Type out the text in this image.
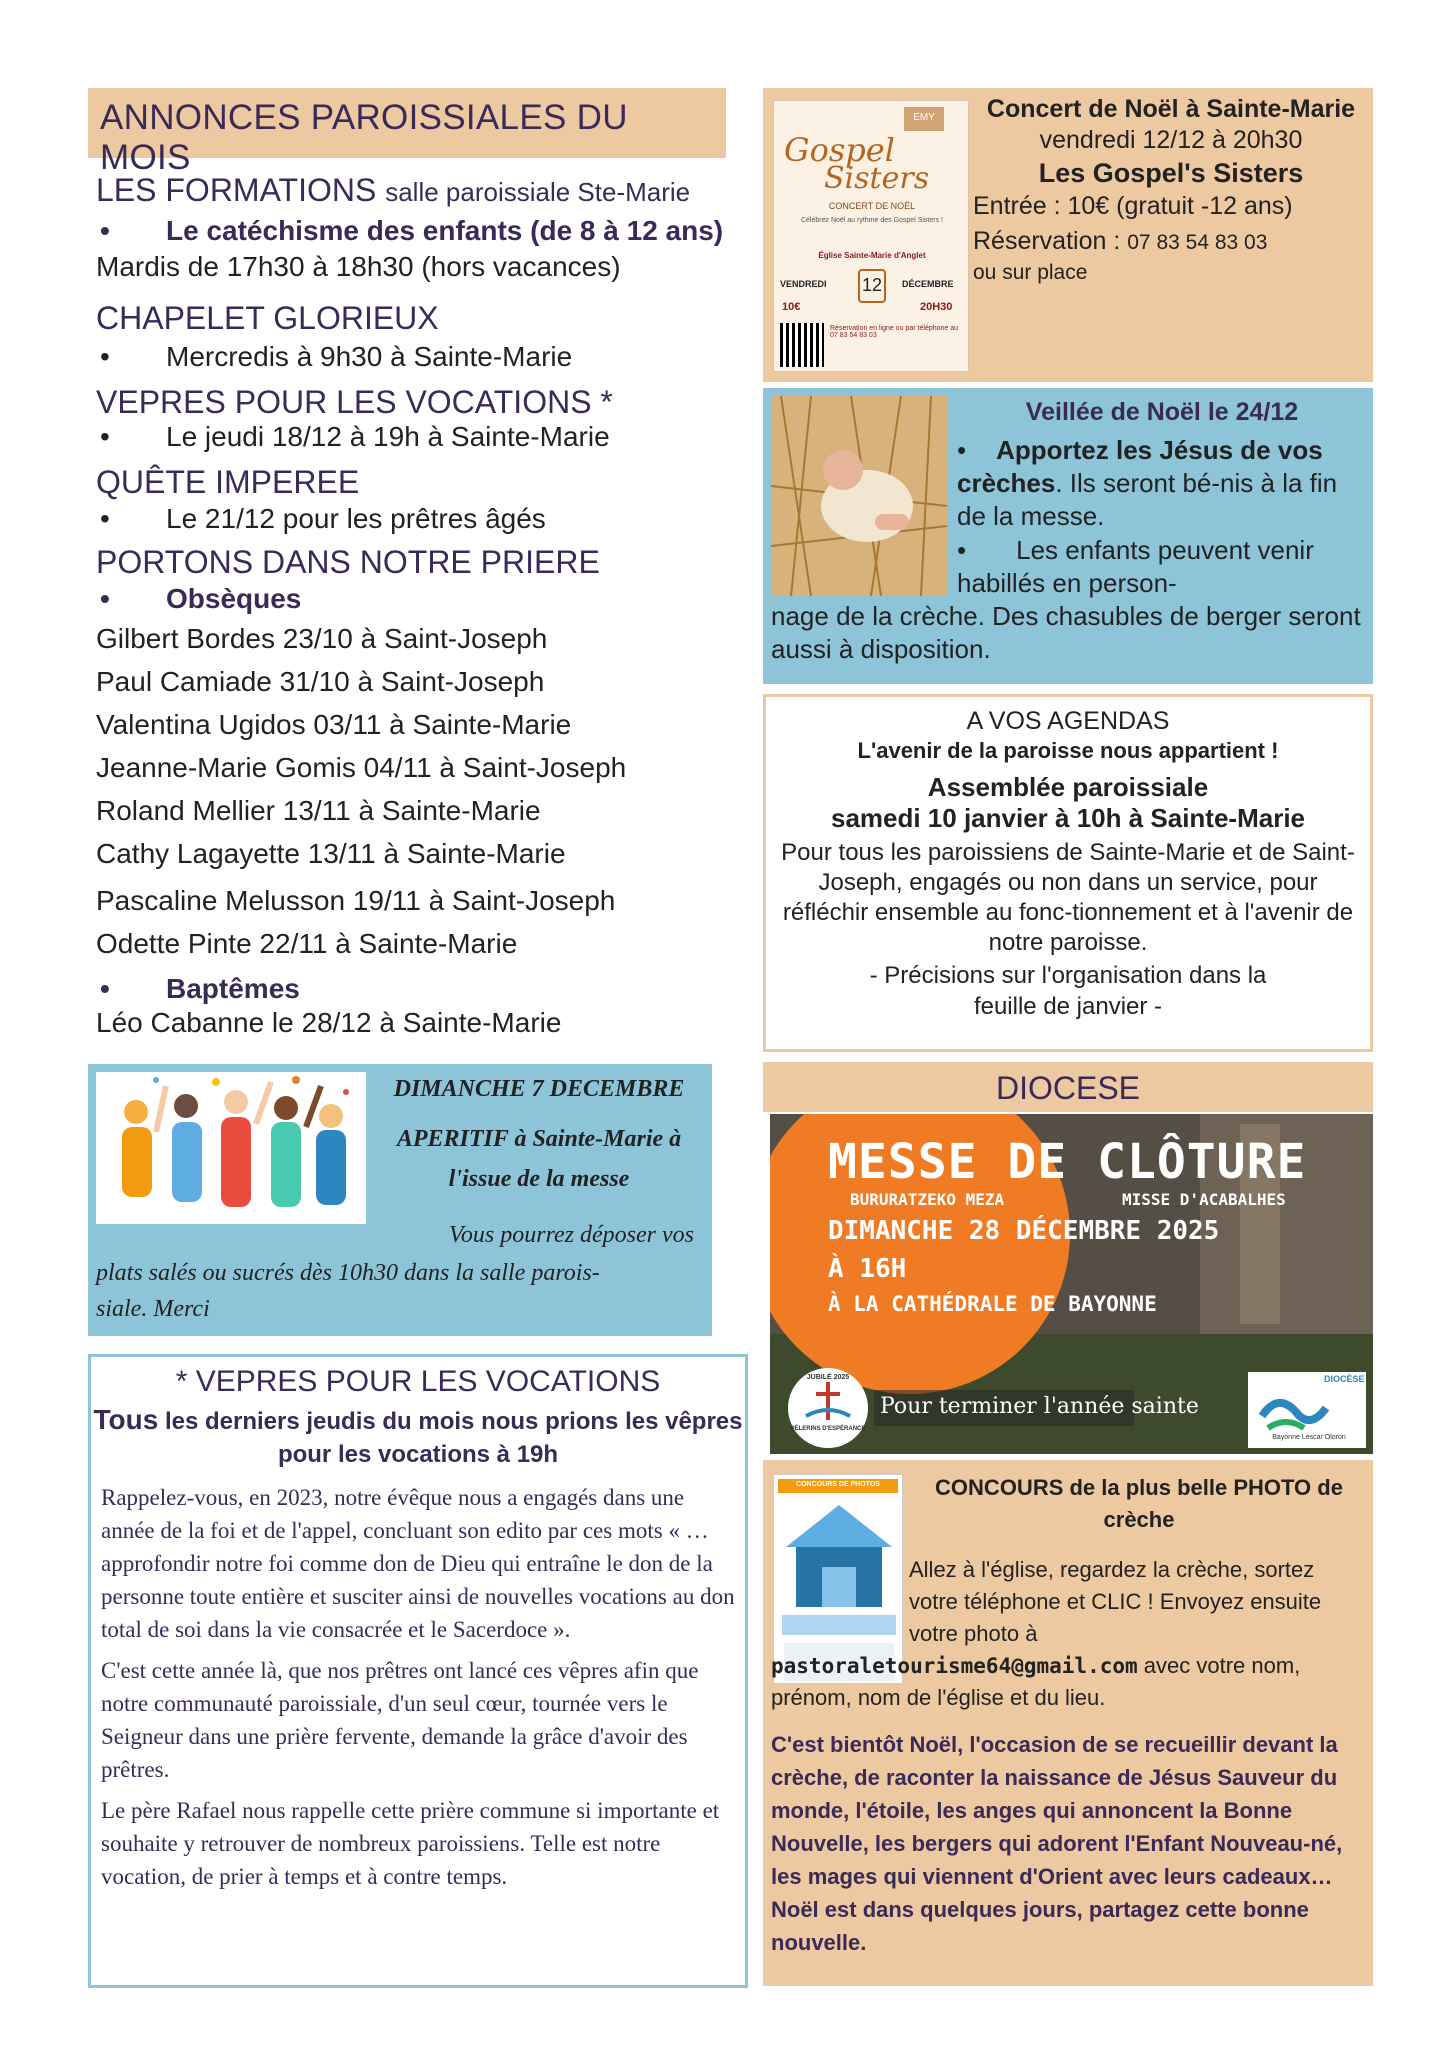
ANNONCES PAROISSIALES DU MOIS
LES FORMATIONS salle paroissiale Ste-Marie
• Le catéchisme des enfants (de 8 à 12 ans)
Mardis de 17h30 à 18h30 (hors vacances)
CHAPELET GLORIEUX
• Mercredis à 9h30 à Sainte-Marie
VEPRES POUR LES VOCATIONS *
• Le jeudi 18/12 à 19h à Sainte-Marie
QUÊTE IMPEREE
• Le 21/12 pour les prêtres âgés
PORTONS DANS NOTRE PRIERE
• Obsèques
Gilbert Bordes 23/10 à Saint-Joseph
Paul Camiade 31/10 à Saint-Joseph
Valentina Ugidos 03/11 à Sainte-Marie
Jeanne-Marie Gomis 04/11 à Saint-Joseph
Roland Mellier 13/11 à Sainte-Marie
Cathy Lagayette 13/11 à Sainte-Marie
Pascaline Melusson 19/11 à Saint-Joseph
Odette Pinte 22/11 à Sainte-Marie
• Baptêmes
Léo Cabanne le 28/12 à Sainte-Marie
DIMANCHE 7 DECEMBRE
APERITIF à Sainte-Marie à
l'issue de la messe
Vous pourrez déposer vos
plats salés ou sucrés dès 10h30 dans la salle parois-
siale. Merci
* VEPRES POUR LES VOCATIONS
Tous les derniers jeudis du mois nous prions les vêpres
pour les vocations à 19h
Rappelez-vous, en 2023, notre évêque nous a engagés dans une année de la foi et de l'appel, concluant son edito par ces mots « … approfondir notre foi comme don de Dieu qui entraîne le don de la personne toute entière et susciter ainsi de nouvelles vocations au don total de soi dans la vie consacrée et le Sacerdoce ».
C'est cette année là, que nos prêtres ont lancé ces vêpres afin que notre communauté paroissiale, d'un seul cœur, tournée vers le Seigneur dans une prière fervente, demande la grâce d'avoir des prêtres.
Le père Rafael nous rappelle cette prière commune si importante et souhaite y retrouver de nombreux paroissiens. Telle est notre vocation, de prier à temps et à contre temps.
EMY
Gospel
Sisters
CONCERT DE NOËL
Célébrez Noël au rythme des Gospel Sisters !
Église Sainte-Marie d'Anglet
VENDREDI 12	DÉCEMBRE
10€	20H30
Réservation en ligne ou par téléphone au 07 83 54 83 03
Concert de Noël à Sainte-Marie
vendredi 12/12 à 20h30
Les Gospel's Sisters
Entrée : 10€ (gratuit -12 ans)
Réservation : 07 83 54 83 03
ou sur place
Veillée de Noël le 24/12
• Apportez les Jésus de vos crèches. Ils seront bé-nis à la fin de la messe.
• Les enfants peuvent venir habillés en person-
nage de la crèche. Des chasubles de berger seront aussi à disposition.
A VOS AGENDAS
L'avenir de la paroisse nous appartient !
Assemblée paroissiale
samedi 10 janvier à 10h à Sainte-Marie
Pour tous les paroissiens de Sainte-Marie et de Saint-Joseph, engagés ou non dans un service, pour réfléchir ensemble au fonc-tionnement et à l'avenir de notre paroisse.
- Précisions sur l'organisation dans la feuille de janvier -
DIOCESE
MESSE DE CLÔTURE
BURURATZEKO MEZA	MISSE D'ACABALHES
DIMANCHE 28 DÉCEMBRE 2025
À 16H
À LA CATHÉDRALE DE BAYONNE
JUBILÉ 2025
PÈLERINS D'ESPÉRANCE
Pour terminer l'année sainte
DIOCÈSE
Bayonne Lescar Oloron
CONCOURS DE PHOTOS	CONCOURS de la plus belle PHOTO de crèche
Allez à l'église, regardez la crèche, sortez votre téléphone et CLIC ! Envoyez ensuite votre photo à
pastoraletourisme64@gmail.com avec votre nom, prénom, nom de l'église et du lieu.
C'est bientôt Noël, l'occasion de se recueillir devant la crèche, de raconter la naissance de Jésus Sauveur du monde, l'étoile, les anges qui annoncent la Bonne Nouvelle, les bergers qui adorent l'Enfant Nouveau-né, les mages qui viennent d'Orient avec leurs cadeaux… Noël est dans quelques jours, partagez cette bonne nouvelle.
